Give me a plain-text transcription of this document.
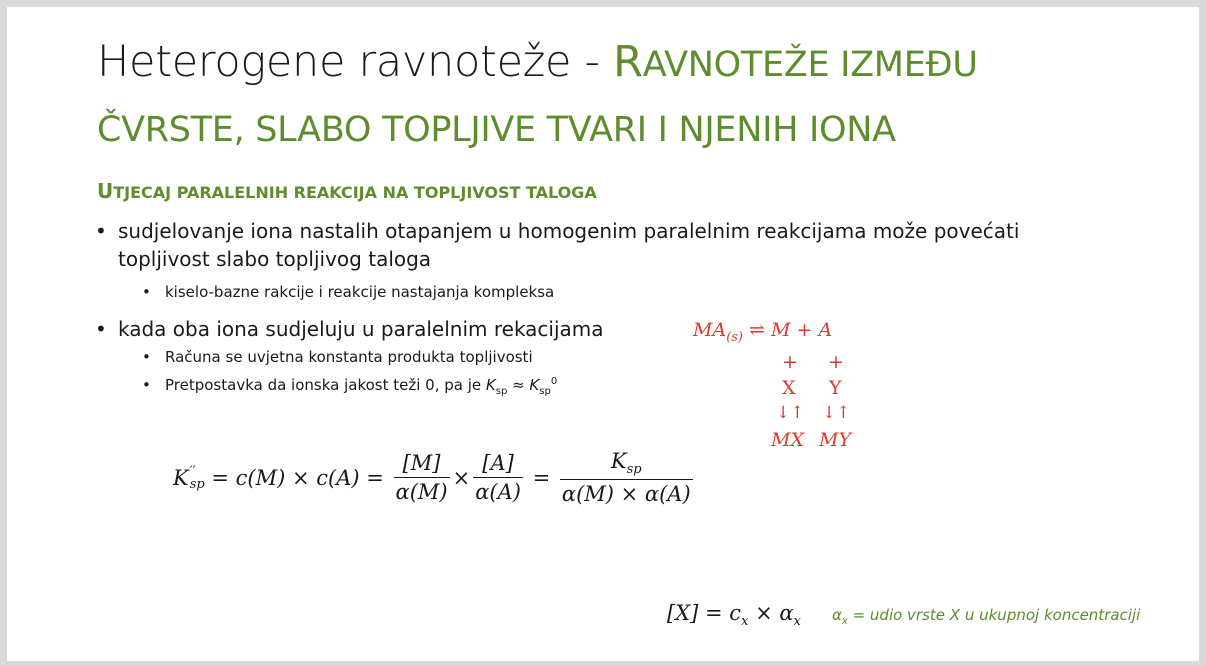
Heterogene ravnoteže - RAVNOTEŽE IZMEĐU
ČVRSTE, SLABO TOPLJIVE TVARI I NJENIH IONA
UTJECAJ PARALELNIH REAKCIJA NA TOPLJIVOST TALOGA
• sudjelovanje iona nastalih otapanjem u homogenim paralelnim reakcijama može povećati
topljivost slabo topljivog taloga
• kiselo-bazne rakcije i reakcije nastajanja kompleksa
• kada oba iona sudjeluju u paralelnim rekacijama
• Računa se uvjetna konstanta produkta topljivosti
• Pretpostavka da ionska jakost teži 0, pa je $K_{sp} \approx K_{sp}^0$
$MA_{(s)}$ ⇌ M + A
+ +
X Y
↓↑ ↓↑
MX MY
K ′′
sp = $c(M) \times c(A) = \frac{[M]}{\alpha(M)} \times \frac{[A]}{\alpha(A)} = \frac{K_{sp}}{\alpha(M) \times \alpha(A)}$
$[X] = c_x \times \alpha_x$ $\alpha_x$ = udio vrste X u ukupnoj koncentraciji
